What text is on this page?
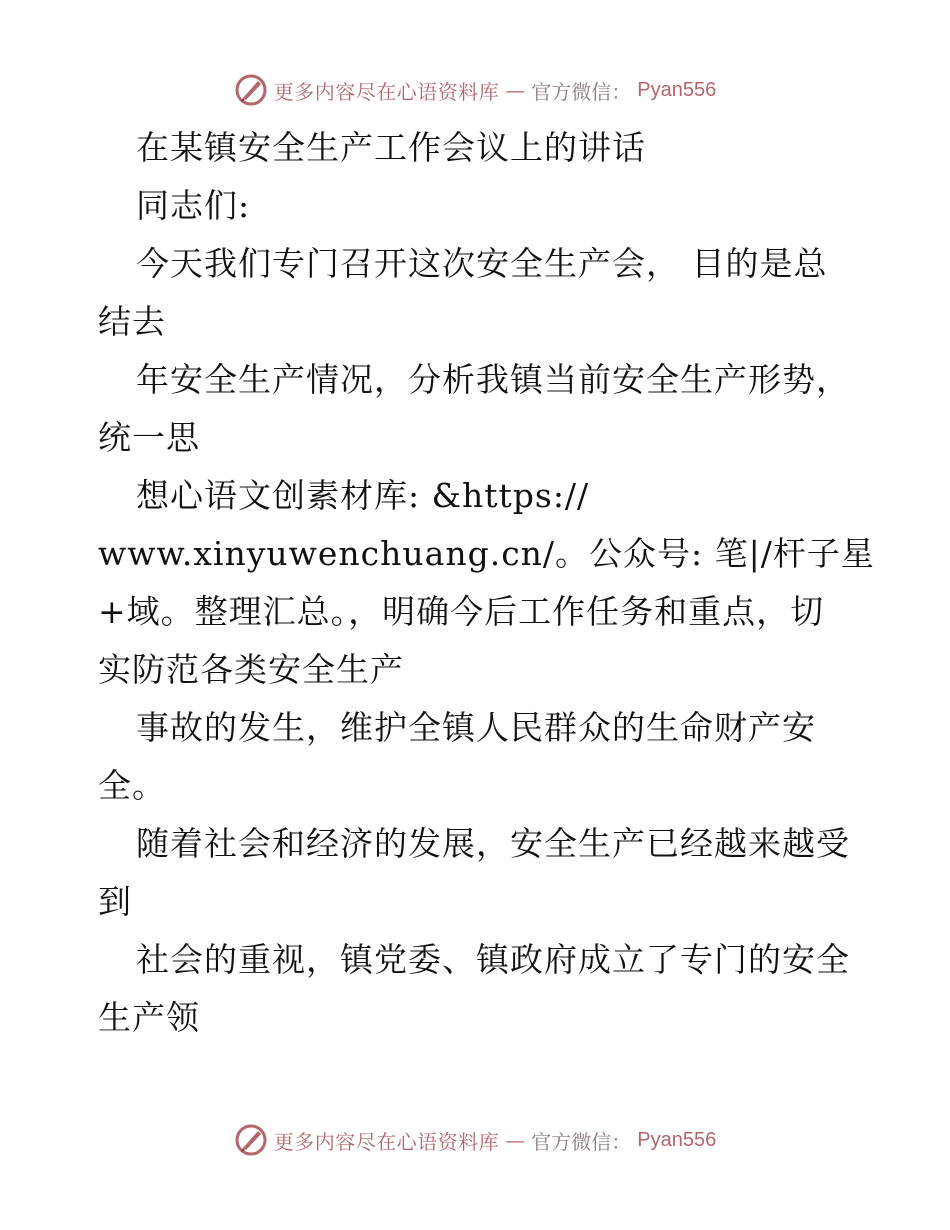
更多内容尽在心语资料库 — 官方微信： Pyan556
在某镇安全生产工作会议上的讲话
同志们:
今天我们专门召开这次安全生产会， 目的是总
结去
年安全生产情况，分析我镇当前安全生产形势，
统一思
想心语文创素材库: &https://
www.xinyuwenchuang.cn/。公众号: 笔|/杆子星
+域。整理汇总。，明确今后工作任务和重点，切
实防范各类安全生产
事故的发生，维护全镇人民群众的生命财产安
全。
随着社会和经济的发展，安全生产已经越来越受
到
社会的重视，镇党委、镇政府成立了专门的安全
生产领
更多内容尽在心语资料库 — 官方微信： Pyan556
